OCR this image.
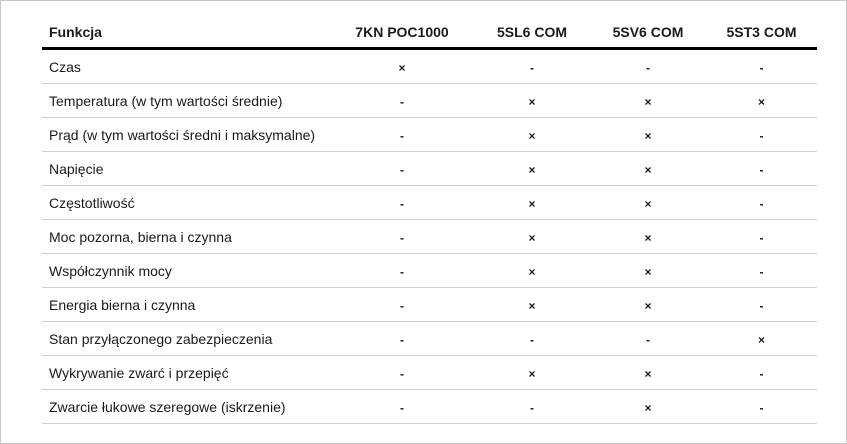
Funkcja	7KN POC1000	5SL6 COM	5SV6 COM	5ST3 COM
Czas	×	-	-	-
Temperatura (w tym wartości średnie)	-	×	×	×
Prąd (w tym wartości średni i maksymalne)	-	×	×	-
Napięcie	-	×	×	-
Częstotliwość	-	×	×	-
Moc pozorna, bierna i czynna	-	×	×	-
Współczynnik mocy	-	×	×	-
Energia bierna i czynna	-	×	×	-
Stan przyłączonego zabezpieczenia	-	-	-	×
Wykrywanie zwarć i przepięć	-	×	×	-
Zwarcie łukowe szeregowe (iskrzenie)	-	-	×	-
